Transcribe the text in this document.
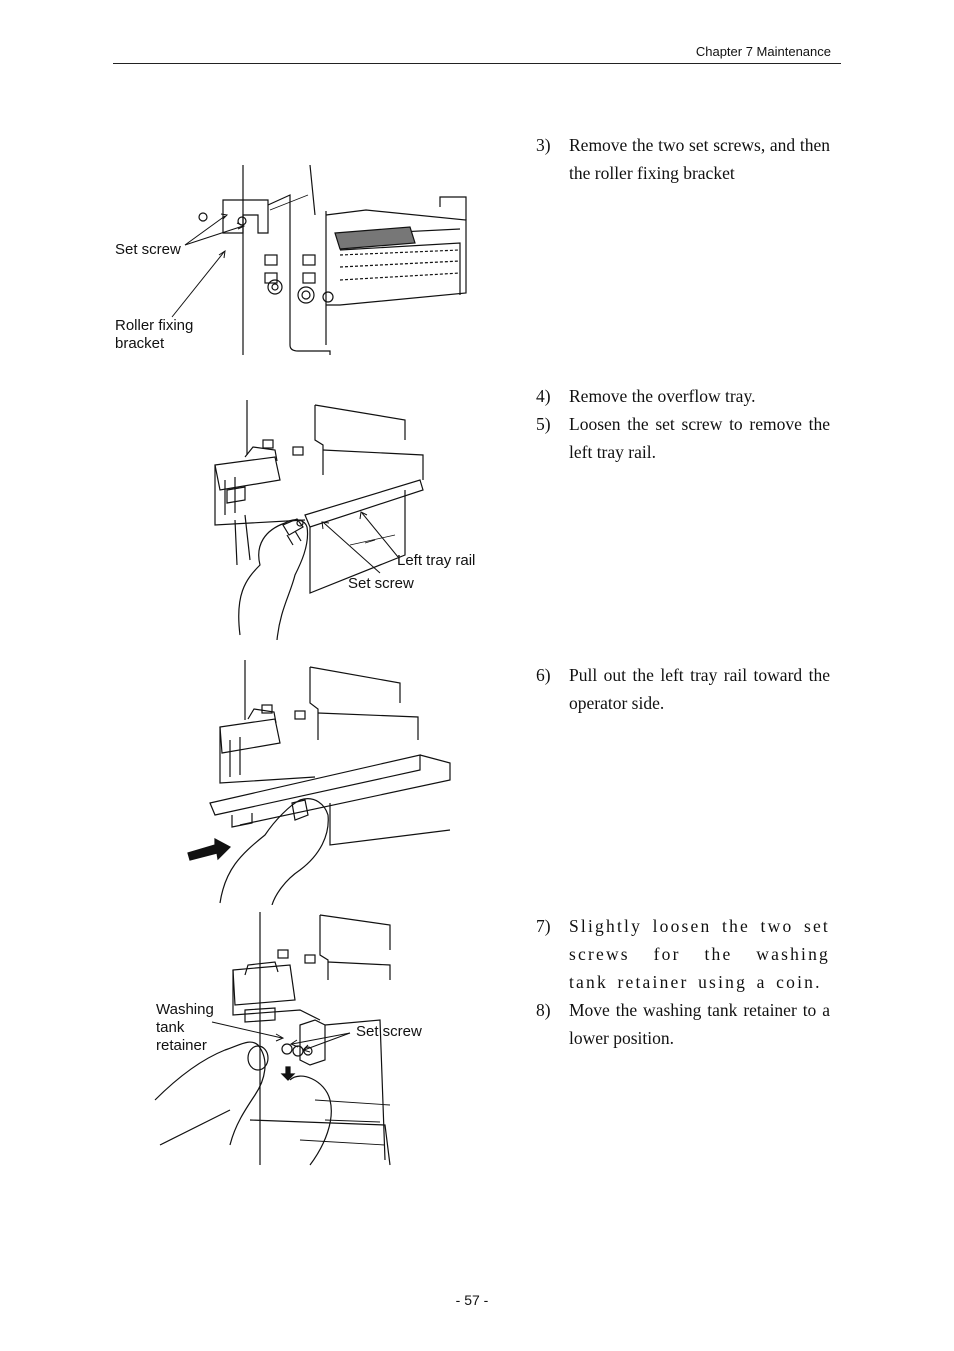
Chapter 7 Maintenance
Set screw
Roller fixing
bracket
Left tray rail
Set screw
Washing
tank
retainer
Set screw
3)	Remove the two set screws, and then the roller fixing bracket
4)	Remove the overflow tray.
5)	Loosen the set screw to remove the left tray rail.
6)	Pull out the left tray rail toward the operator side.
7)	Slightly loosen the two set screws for the washing tank retainer using a coin.
8)	Move the washing tank retainer to a lower position.
- 57 -
